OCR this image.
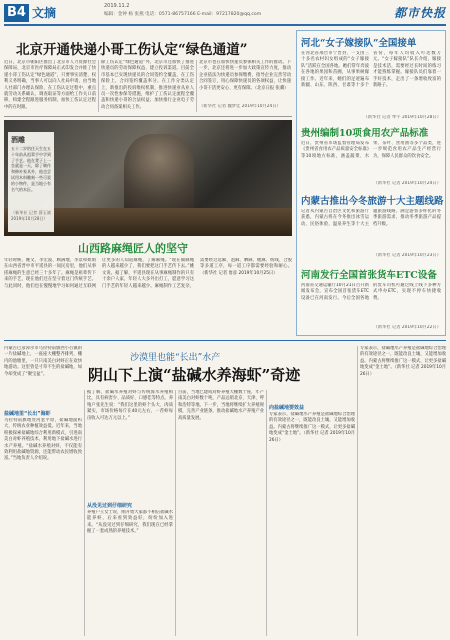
B4 文摘	2019.11.2
编辑：金钟 杨 张燕 电话：0571-86757166 E-mail：97217820@qq.com	都市快报
北京开通快递小哥工伤认定“绿色通道”
近日，北京市朝阳区推出了北京市人力资源社会保障局、北京市医疗保障局正式印发合并推了快递小哥工伤认定“绿色通道”，只要事实清楚、权利义务明确，当事人可以向人社局申请，由当地人社部门办理认保险、在工伤认定过程中，重点就劳动关系确认、调查取证等方面给工作关口前移，构建全程跟进服务机制，加快工伤认定过程中的在时跟。
除工伤认定“绿色通道”外，北京市还加快了推进快递员的劳动保障权益，建立投诉渠道。目前全市基本已实现快递员的合同签约全覆盖，在工伤保险上，合同签约覆盖率分。在工作分类认定上，新推出的投诉维权机制，推进快递业从业人员一次性参保等措施，维护了工伤认定流程全覆盖和快递小哥的合法权益；加快推行企业电子劳动合同备案相关工作。
北京市也在加快快递员参保相关工作的推动。下一步，北京还将进一步加大政策宣传力度，推动企业依法为快递员参保缴费，指导企业完善劳动合同签订，用心保障快递员的各项权益，让快递小哥干活更安心、更有保障。（北京日报 张骥）
（新华社 记者 魏梦佳 2019年10月24日）
酒雕
五十二岁的任天生在五十年前从祖辈手中学到了手艺。他在凳子上一坐就是一天，除了制作和修补家具外，他也尝试用木料雕刻一些可爱的小物件，是当地小有名气的木匠。
（新华社 记者 薛玉斌 2019年10月28日）
山西路麻绳匠人的坚守
年轻时候，姚文、李宏波、顾满地、李景和姐姐在山西省晋中市平遥县的一间民房里，他们从事搓麻绳的生意已经三十多年了。麻绳是祖辈传下来的手艺，现在他们还在坚守着这门传统手艺。与此同时，他们也在慢慢地学习如何通过互联网让更多的人知道麻绳，了解麻绳。“现在做麻绳的人越来越少了，我们要把这门手艺传下去。”姚文说。据了解，平遥县现在从事麻绳制作的只有十余户人家，年轻人大多外出打工，愿意学习这门手艺的年轻人越来越少。麻绳制作工艺复杂，需要经过选麻、泡麻、晒麻、梳麻、纺线、合股等多道工序，每一道工序都需要经验和耐心。（新华社 记者 詹彦 2019年10月25日）
河北“女子嫁接队”全国接单
在河北省邢台市宁晋县，一支由三十多名农村妇女组成的“女子嫁接队”活跃在全国各地。她们常年奔波在各地的果园和苗圃，从事果树嫁接工作。近年来，她们的足迹遍布新疆、山东、陕西、甘肃等十多个省份，每年人均收入可达数万元。“女子嫁接队”队长介绍，嫁接是技术活，需要经过长时间的练习才能熟练掌握。嫁接队员们靠着一手好技术，走出了一条增收致富的新路子。
（新华社 记者 牟宇 2019年10月28日）
贵州编制10项食用农产品标准
近日，贵州省市场监督管理局发布《贵州省食用农产品质量安全标准》等10项地方标准，涵盖蔬菜、水果、茶叶、食用菌等多个品类，进一步规范食用农产品生产经营行为，保障人民群众的饮食安全。
（新华社 记者 2019年10月24日）
内蒙古推出今冬旅游十大主题线路
记者从内蒙古自治区文化和旅游厅获悉，内蒙古将在今冬推出冰雪运动、民俗体验、温泉养生等十大主题旅游线路，满足游客多样化的冬季旅游需求，推动冬季旅游产品提档升级。
（新华社 记者 2019年10月23日）
河南发行全国首张货车ETC设备
河南省交通运输厅10月21日召开新闻发布会，宣布全国首张货车ETC设备已在河南发行。今后全国各地的货车司机可通过线上线下多种方式申办ETC，实现不停车快捷收费。
（新华社 记者 2019年10月22日）
内蒙古巴彦淖尔市乌拉特前旗西小召镇的一片盐碱地上，一座座大棚整齐排列，棚内的池塘里，一只只南美白对虾正在欢快地游动。这里曾是寸草不生的盐碱地，如今却变成了“聚宝盆”。
沙漠里也能“长出”水产
阴山下上演“盐碱水养海虾”奇迹
盐碱地里“长出”海虾
乌拉特前旗地处河套平原，盐碱地面积大，传统农业种植效益低。近年来，当地积极探索盐碱地综合利用新模式，引进南美白对虾养殖技术，利用地下盐碱水进行水产养殖。“盐碱水养殖对虾，不仅能有效利用盐碱地资源，还能带动农民增收致富。”当地负责人介绍说。
据了解，盐碱水养殖对虾与传统海水养殖相比，具有病害少、品质好、口感佳等特点。养殖户张先生说：“我们这里的虾个头大、肉质紧实，市场价格每斤在40元左右，一茬虾每亩收入可达万元以上。”
从没见过到仔细研究
养殖户王女士说，刚开始大家都不相信盐碱水能养虾，后来看到效益好，纷纷加入进来。“从没见过到仔细研究，我们现在已经掌握了一套成熟的养殖技术。”
目前，当地已建成对虾养殖大棚数十座，年产南美白对虾数十吨，产品远销北京、天津、呼和浩特等地。下一步，当地将继续扩大养殖规模，完善产业链条，推动盐碱地水产养殖产业高质量发展。
向盐碱地要效益
专家表示，盐碱地水产养殖是盐碱地综合治理的有效途径之一，既能改良土壤，又能增加收益。内蒙古将继续推广这一模式，让更多盐碱地变成“金土地”。（新华社 记者 2019年10月26日）
专家表示，盐碱地水产养殖是盐碱地综合治理的有效途径之一，既能改良土壤，又能增加收益。内蒙古将继续推广这一模式，让更多盐碱地变成“金土地”。（新华社 记者 2019年10月26日）
